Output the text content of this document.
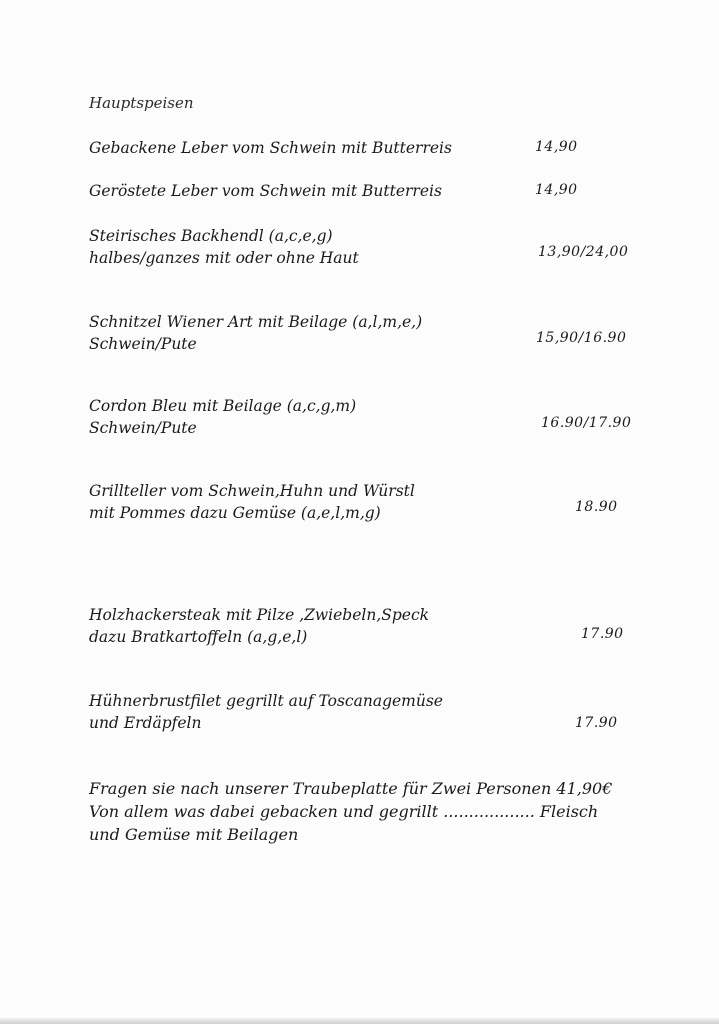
Hauptspeisen
Gebackene Leber vom Schwein mit Butterreis	14,90
Geröstete Leber vom Schwein mit Butterreis	14,90
Steirisches Backhendl (a,c,e,g)
halbes/ganzes mit oder ohne Haut	13,90/24,00
Schnitzel Wiener Art mit Beilage (a,l,m,e,)
Schwein/Pute	15,90/16.90
Cordon Bleu mit Beilage (a,c,g,m)
Schwein/Pute	16.90/17.90
Grillteller vom Schwein,Huhn und Würstl
mit Pommes dazu Gemüse (a,e,l,m,g)	18.90
Holzhackersteak mit Pilze ,Zwiebeln,Speck
dazu Bratkartoffeln (a,g,e,l)	17.90
Hühnerbrustfilet gegrillt auf Toscanagemüse
und Erdäpfeln	17.90
Fragen sie nach unserer Traubeplatte für Zwei Personen 41,90€
Von allem was dabei gebacken und gegrillt .................. Fleisch
und Gemüse mit Beilagen
